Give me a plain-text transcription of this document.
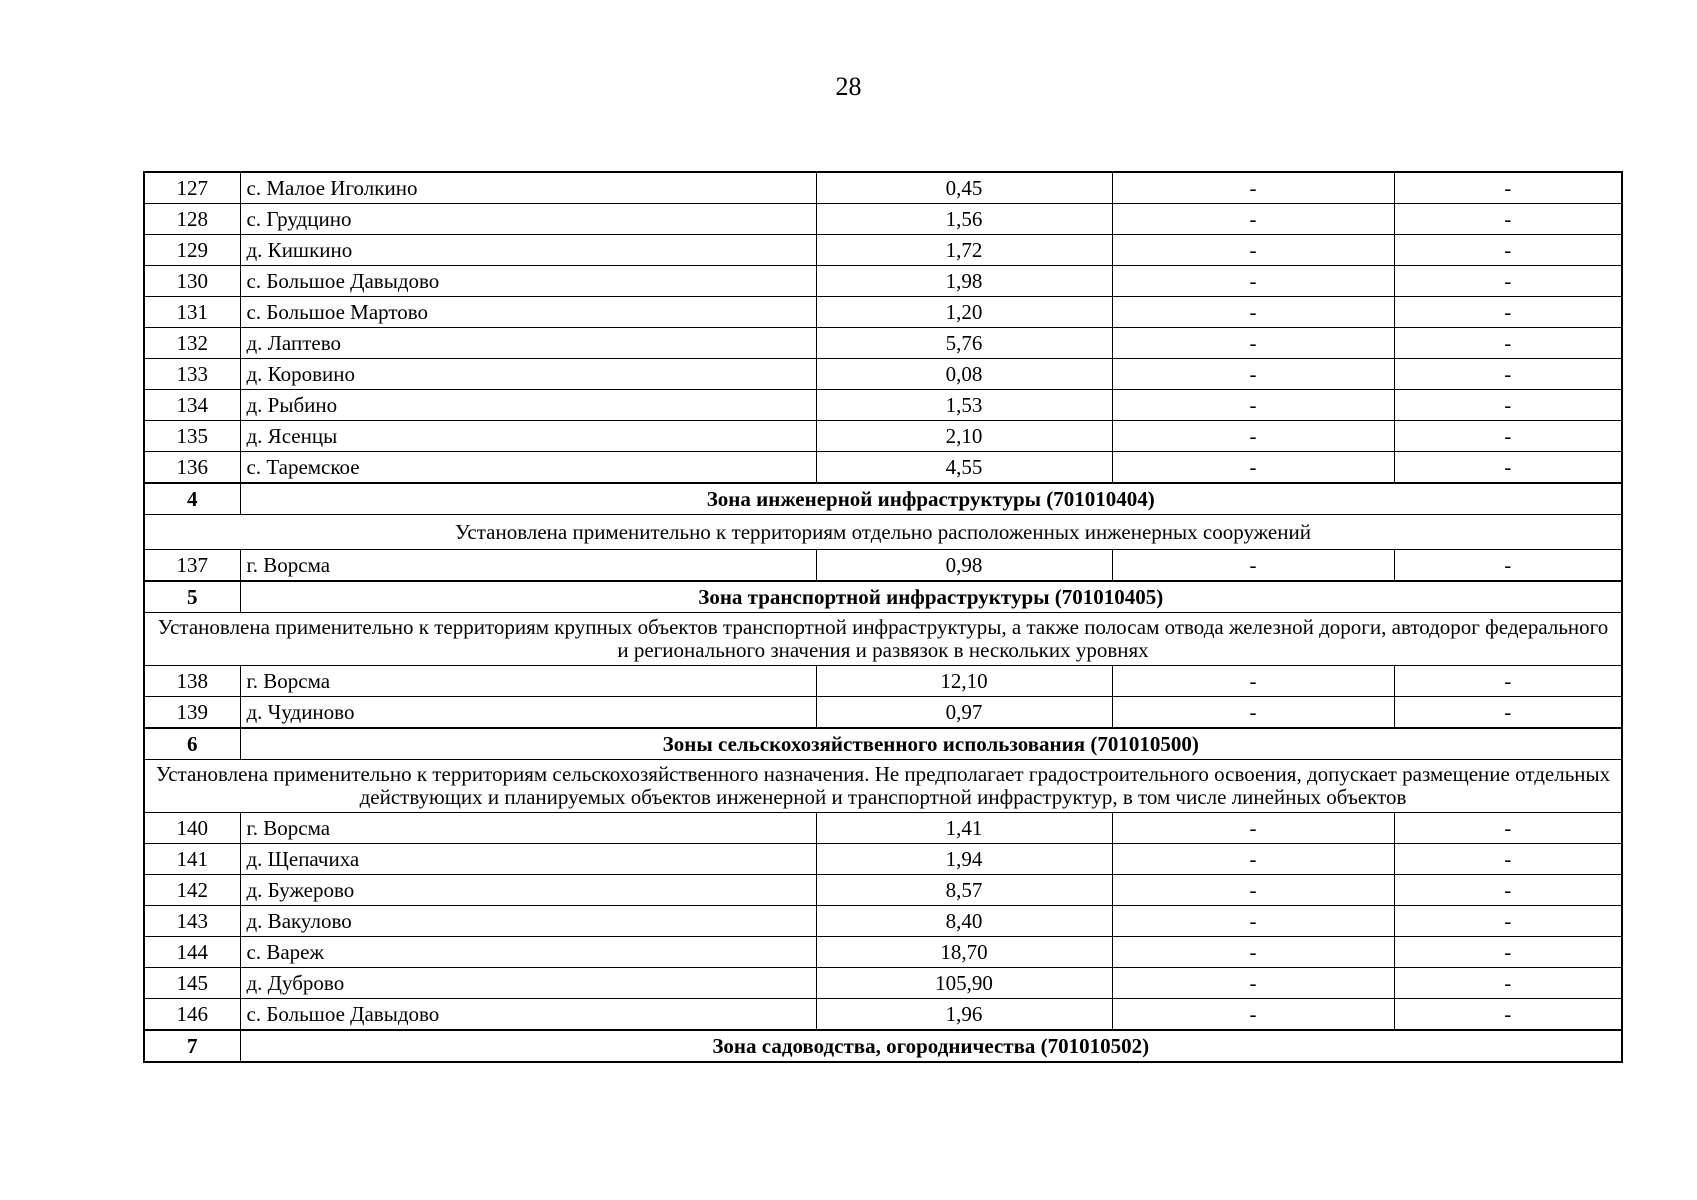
28
127	с. Малое Иголкино	0,45	-	-
128	с. Грудцино	1,56	-	-
129	д. Кишкино	1,72	-	-
130	с. Большое Давыдово	1,98	-	-
131	с. Большое Мартово	1,20	-	-
132	д. Лаптево	5,76	-	-
133	д. Коровино	0,08	-	-
134	д. Рыбино	1,53	-	-
135	д. Ясенцы	2,10	-	-
136	с. Таремское	4,55	-	-
4	Зона инженерной инфраструктуры (701010404)			
Установлена применительно к территориям отдельно расположенных инженерных сооружений				
137	г. Ворсма	0,98	-	-
5	Зона транспортной инфраструктуры (701010405)			
Установлена применительно к территориям крупных объектов транспортной инфраструктуры, а также полосам отвода железной дороги, автодорог федерального и регионального значения и развязок в нескольких уровнях				
138	г. Ворсма	12,10	-	-
139	д. Чудиново	0,97	-	-
6	Зоны сельскохозяйственного использования (701010500)			
Установлена применительно к территориям сельскохозяйственного назначения. Не предполагает градостроительного освоения, допускает размещение отдельных действующих и планируемых объектов инженерной и транспортной инфраструктур, в том числе линейных объектов				
140	г. Ворсма	1,41	-	-
141	д. Щепачиха	1,94	-	-
142	д. Бужерово	8,57	-	-
143	д. Вакулово	8,40	-	-
144	с. Вареж	18,70	-	-
145	д. Дуброво	105,90	-	-
146	с. Большое Давыдово	1,96	-	-
7	Зона садоводства, огородничества (701010502)			
